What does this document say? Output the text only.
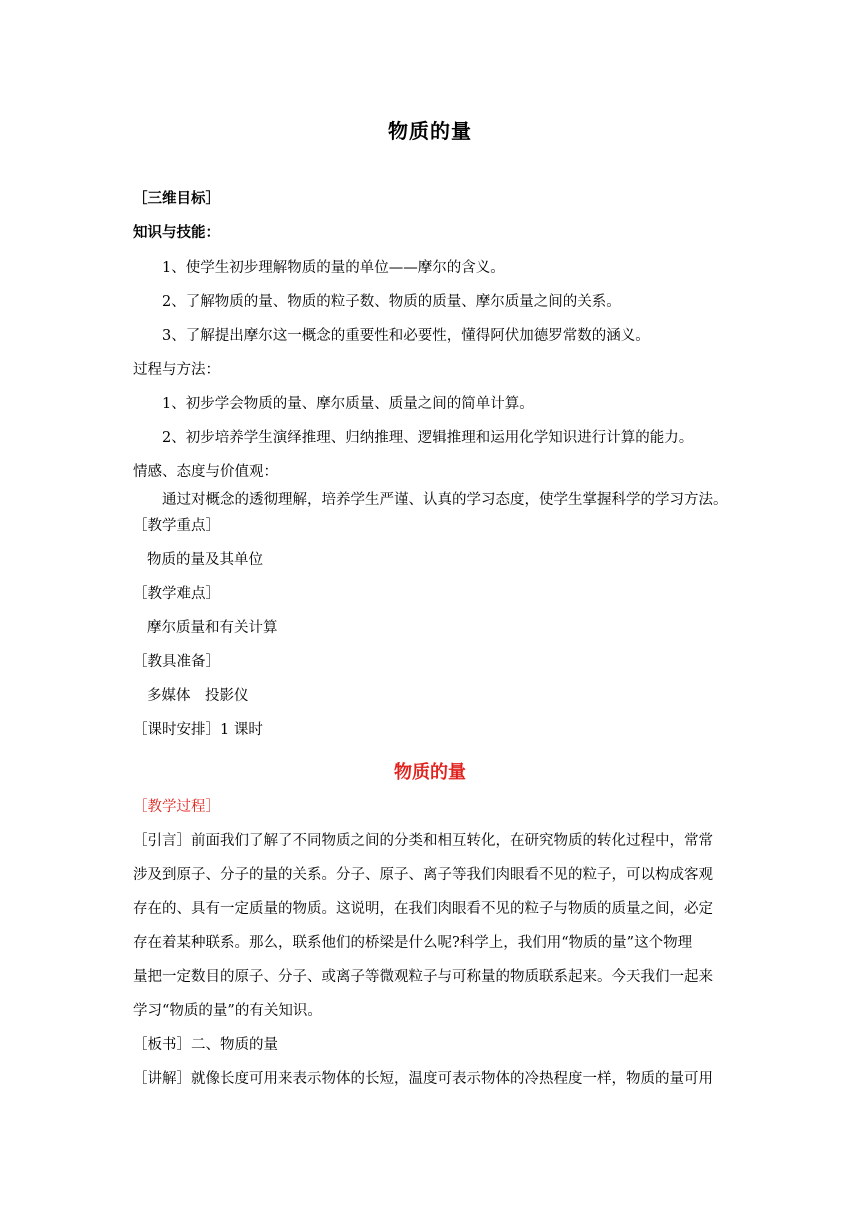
物质的量
［三维目标］
知识与技能：
1、使学生初步理解物质的量的单位——摩尔的含义。
2、了解物质的量、物质的粒子数、物质的质量、摩尔质量之间的关系。
3、了解提出摩尔这一概念的重要性和必要性，懂得阿伏加德罗常数的涵义。
过程与方法：
1、初步学会物质的量、摩尔质量、质量之间的简单计算。
2、初步培养学生演绎推理、归纳推理、逻辑推理和运用化学知识进行计算的能力。
情感、态度与价值观：
通过对概念的透彻理解，培养学生严谨、认真的学习态度，使学生掌握科学的学习方法。
［教学重点］
物质的量及其单位
［教学难点］
摩尔质量和有关计算
［教具准备］
多媒体　投影仪
［课时安排］1 课时
物质的量
［教学过程］
［引言］前面我们了解了不同物质之间的分类和相互转化，在研究物质的转化过程中，常常
涉及到原子、分子的量的关系。分子、原子、离子等我们肉眼看不见的粒子，可以构成客观
存在的、具有一定质量的物质。这说明，在我们肉眼看不见的粒子与物质的质量之间，必定
存在着某种联系。那么，联系他们的桥梁是什么呢?科学上，我们用“物质的量”这个物理
量把一定数目的原子、分子、或离子等微观粒子与可称量的物质联系起来。今天我们一起来
学习“物质的量”的有关知识。
［板书］二、物质的量
［讲解］就像长度可用来表示物体的长短，温度可表示物体的冷热程度一样，物质的量可用
